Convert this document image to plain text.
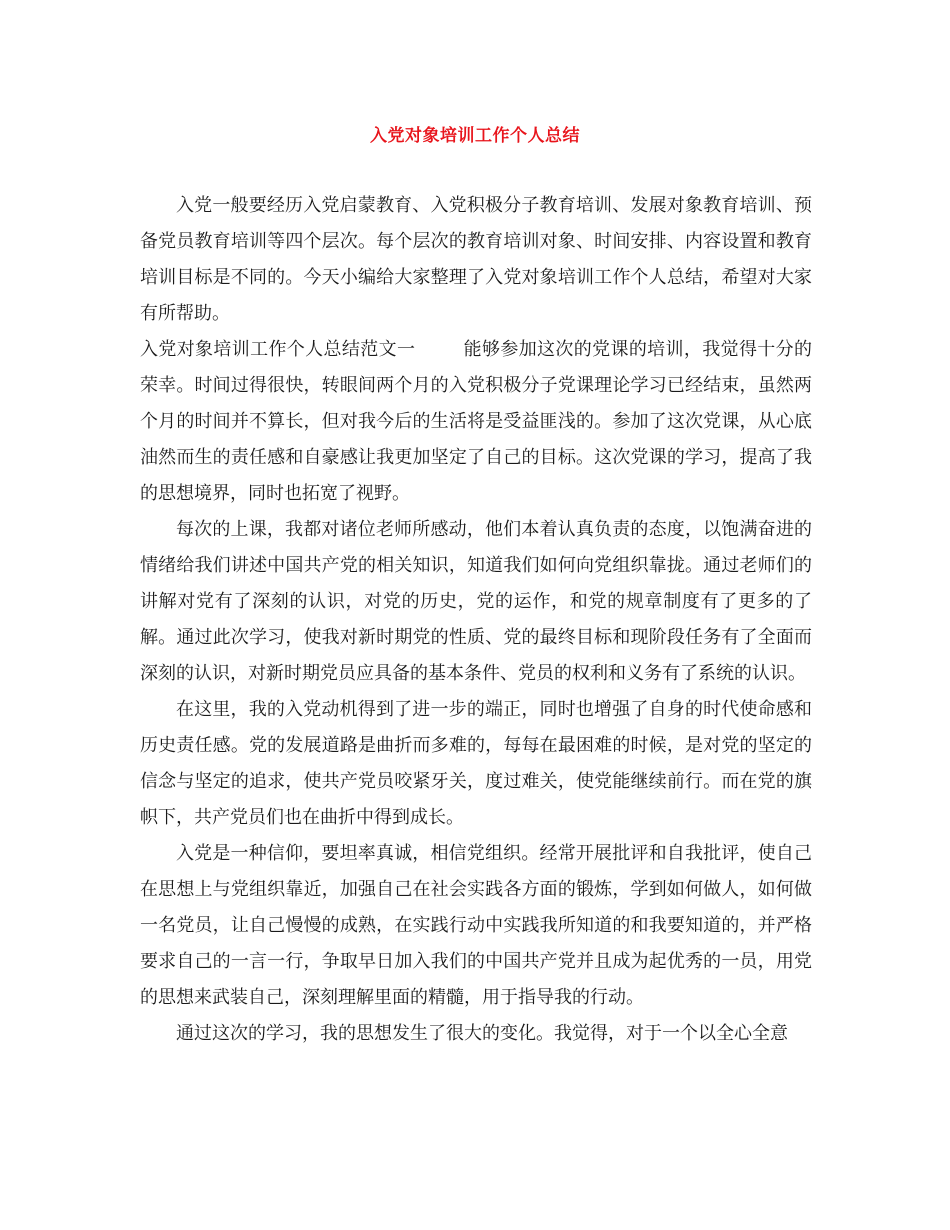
入党对象培训工作个人总结

入党一般要经历入党启蒙教育、入党积极分子教育培训、发展对象教育培训、预备党员教育培训等四个层次。每个层次的教育培训对象、时间安排、内容设置和教育培训目标是不同的。今天小编给大家整理了入党对象培训工作个人总结，希望对大家有所帮助。

入党对象培训工作个人总结范文一	能够参加这次的党课的培训，我觉得十分的荣幸。时间过得很快，转眼间两个月的入党积极分子党课理论学习已经结束，虽然两个月的时间并不算长，但对我今后的生活将是受益匪浅的。参加了这次党课，从心底油然而生的责任感和自豪感让我更加坚定了自己的目标。这次党课的学习，提高了我的思想境界，同时也拓宽了视野。

每次的上课，我都对诸位老师所感动，他们本着认真负责的态度，以饱满奋进的情绪给我们讲述中国共产党的相关知识，知道我们如何向党组织靠拢。通过老师们的讲解对党有了深刻的认识，对党的历史，党的运作，和党的规章制度有了更多的了解。通过此次学习，使我对新时期党的性质、党的最终目标和现阶段任务有了全面而深刻的认识，对新时期党员应具备的基本条件、党员的权利和义务有了系统的认识。

在这里，我的入党动机得到了进一步的端正，同时也增强了自身的时代使命感和历史责任感。党的发展道路是曲折而多难的，每每在最困难的时候，是对党的坚定的信念与坚定的追求，使共产党员咬紧牙关，度过难关，使党能继续前行。而在党的旗帜下，共产党员们也在曲折中得到成长。

入党是一种信仰，要坦率真诚，相信党组织。经常开展批评和自我批评，使自己在思想上与党组织靠近，加强自己在社会实践各方面的锻炼，学到如何做人，如何做一名党员，让自己慢慢的成熟，在实践行动中实践我所知道的和我要知道的，并严格要求自己的一言一行，争取早日加入我们的中国共产党并且成为起优秀的一员，用党的思想来武装自己，深刻理解里面的精髓，用于指导我的行动。

通过这次的学习，我的思想发生了很大的变化。我觉得，对于一个以全心全意
